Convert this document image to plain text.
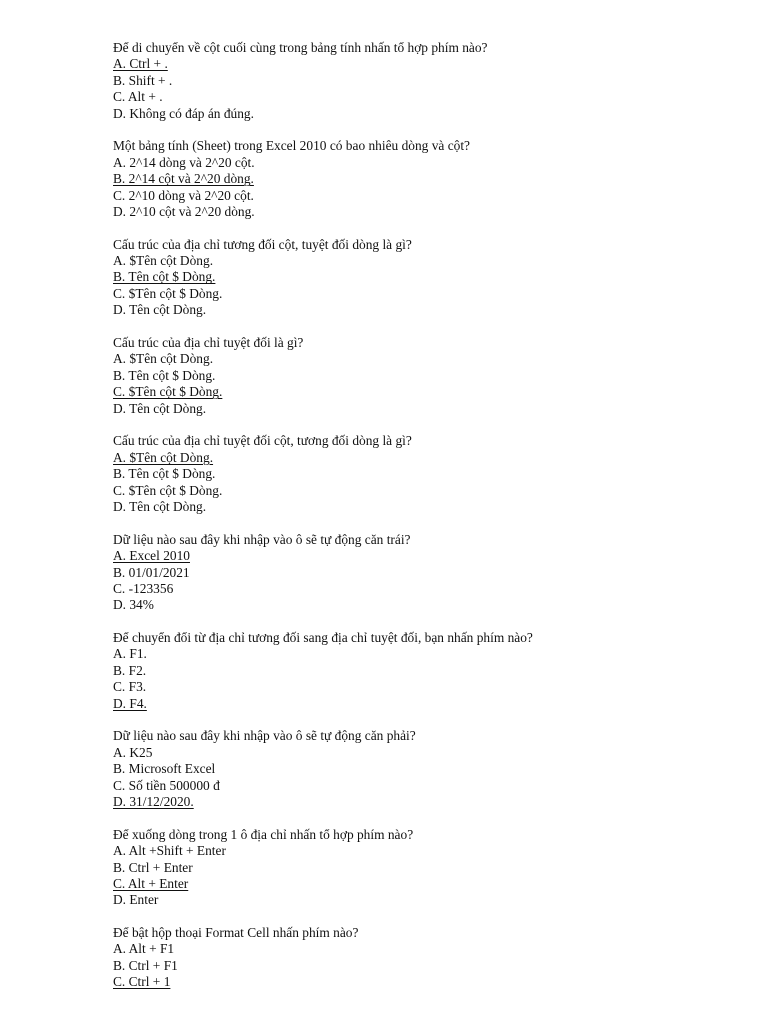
Để di chuyển về cột cuối cùng trong bảng tính nhấn tổ hợp phím nào?
A. Ctrl + .
B. Shift + .
C. Alt + .
D. Không có đáp án đúng.
Một bảng tính (Sheet) trong Excel 2010 có bao nhiêu dòng và cột?
A. 2^14 dòng và 2^20 cột.
B. 2^14 cột và 2^20 dòng.
C. 2^10 dòng và 2^20 cột.
D. 2^10 cột và 2^20 dòng.
Cấu trúc của địa chỉ tương đối cột, tuyệt đối dòng là gì?
A. $Tên cột Dòng.
B. Tên cột $ Dòng.
C. $Tên cột $ Dòng.
D. Tên cột Dòng.
Cấu trúc của địa chỉ tuyệt đối là gì?
A. $Tên cột Dòng.
B. Tên cột $ Dòng.
C. $Tên cột $ Dòng.
D. Tên cột Dòng.
Cấu trúc của địa chỉ tuyệt đối cột, tương đối dòng là gì?
A. $Tên cột Dòng.
B. Tên cột $ Dòng.
C. $Tên cột $ Dòng.
D. Tên cột Dòng.
Dữ liệu nào sau đây khi nhập vào ô sẽ tự động căn trái?
A. Excel 2010
B. 01/01/2021
C. -123356
D. 34%
Để chuyển đổi từ địa chỉ tương đối sang địa chỉ tuyệt đối, bạn nhấn phím nào?
A. F1.
B. F2.
C. F3.
D. F4.
Dữ liệu nào sau đây khi nhập vào ô sẽ tự động căn phải?
A. K25
B. Microsoft Excel
C. Số tiền 500000 đ
D. 31/12/2020.
Để xuống dòng trong 1 ô địa chỉ nhấn tổ hợp phím nào?
A. Alt +Shift + Enter
B. Ctrl + Enter
C. Alt + Enter
D. Enter
Để bật hộp thoại Format Cell nhấn phím nào?
A. Alt + F1
B. Ctrl + F1
C. Ctrl + 1
